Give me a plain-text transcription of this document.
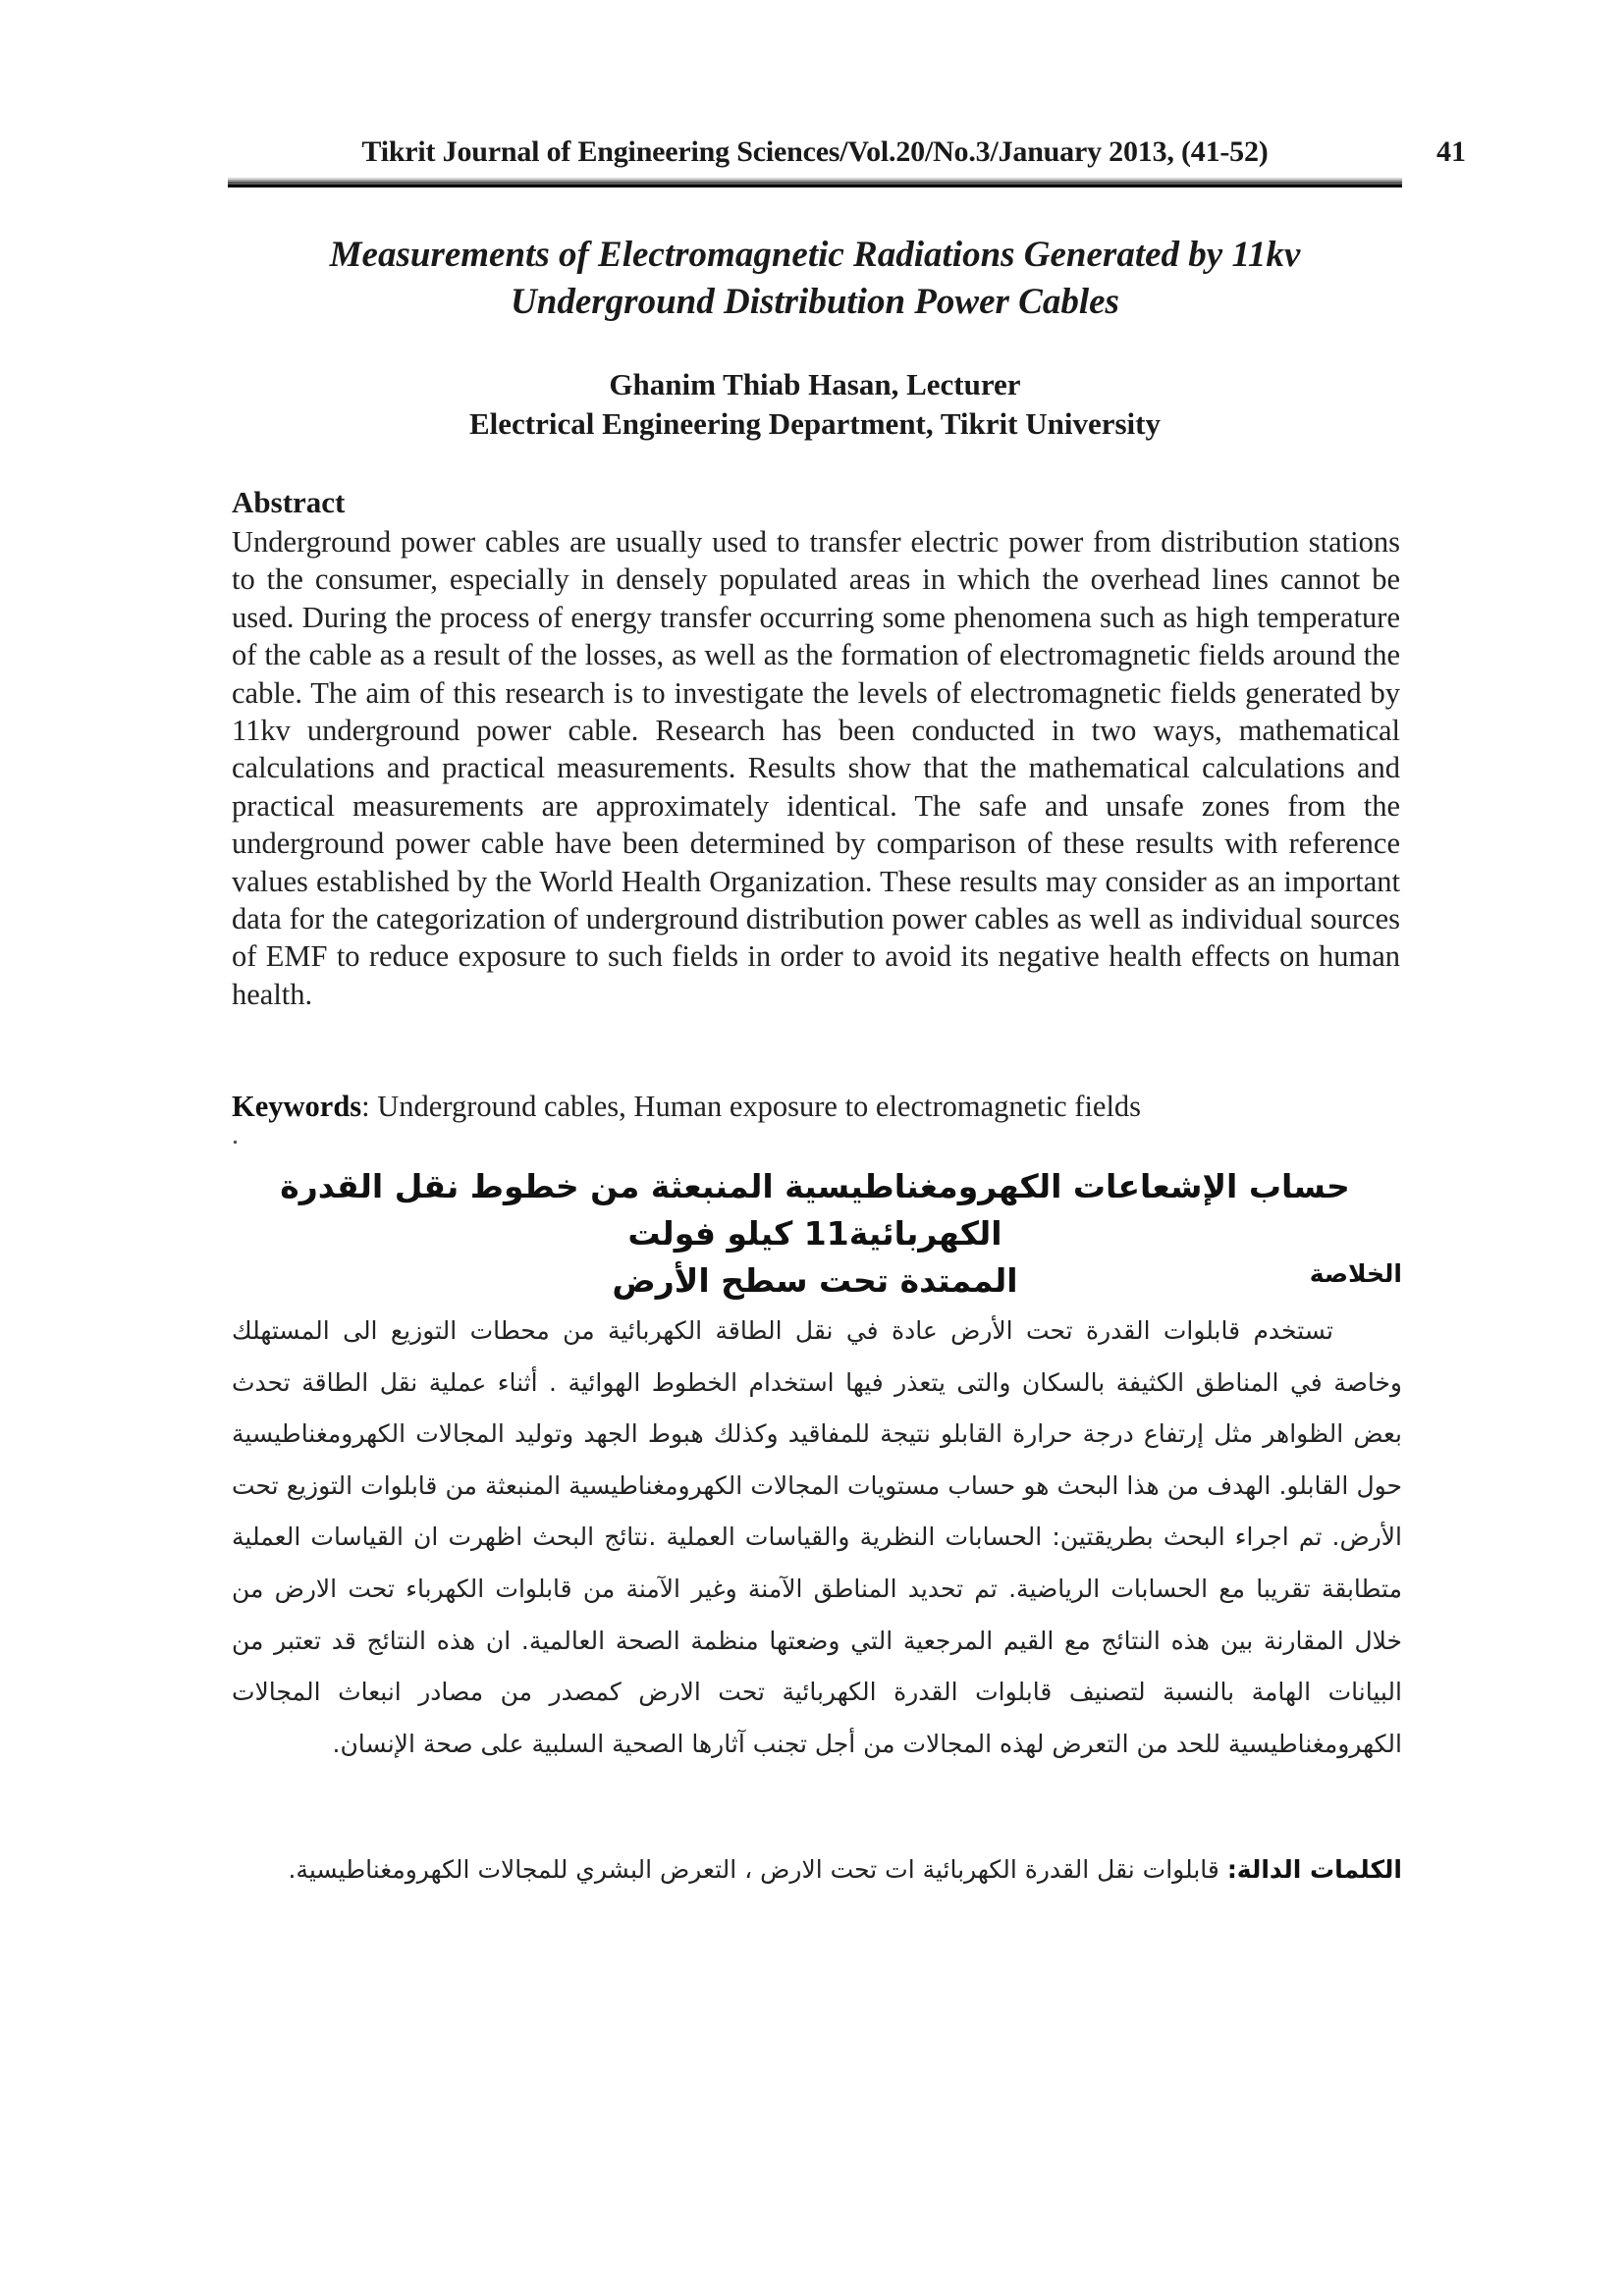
Tikrit Journal of Engineering Sciences/Vol.20/No.3/January 2013, (41-52)	41
Measurements of Electromagnetic Radiations Generated by 11kv
Underground Distribution Power Cables
Ghanim Thiab Hasan, Lecturer
Electrical Engineering Department, Tikrit University
Abstract
Underground power cables are usually used to transfer electric power from distribution stations to the consumer, especially in densely populated areas in which the overhead lines cannot be used. During the process of energy transfer occurring some phenomena such as high temperature of the cable as a result of the losses, as well as the formation of electromagnetic fields around the cable. The aim of this research is to investigate the levels of electromagnetic fields generated by 11kv underground power cable. Research has been conducted in two ways, mathematical calculations and practical measurements. Results show that the mathematical calculations and practical measurements are approximately identical. The safe and unsafe zones from the underground power cable have been determined by comparison of these results with reference values established by the World Health Organization. These results may consider as an important data for the categorization of underground distribution power cables as well as individual sources of EMF to reduce exposure to such fields in order to avoid its negative health effects on human health.
Keywords: Underground cables, Human exposure to electromagnetic fields
حساب الإشعاعات الكهرومغناطيسية المنبعثة من خطوط نقل القدرة الكهربائية11 كيلو فولت
الممتدة تحت سطح الأرض	الخلاصة
تستخدم قابلوات القدرة تحت الأرض عادة في نقل الطاقة الكهربائية من محطات التوزيع الى المستهلك وخاصة في المناطق الكثيفة بالسكان والتى يتعذر فيها استخدام الخطوط الهوائية . أثناء عملية نقل الطاقة تحدث بعض الظواهر مثل إرتفاع درجة حرارة القابلو نتيجة للمفاقيد وكذلك هبوط الجهد وتوليد المجالات الكهرومغناطيسية حول القابلو. الهدف من هذا البحث هو حساب مستويات المجالات الكهرومغناطيسية المنبعثة من قابلوات التوزيع تحت الأرض. تم اجراء البحث بطريقتين: الحسابات النظرية والقياسات العملية .نتائج البحث اظهرت ان القياسات العملية متطابقة تقريبا مع الحسابات الرياضية. تم تحديد المناطق الآمنة وغير الآمنة من قابلوات الكهرباء تحت الارض من خلال المقارنة بين هذه النتائج مع القيم المرجعية التي وضعتها منظمة الصحة العالمية. ان هذه النتائج قد تعتبر من البيانات الهامة بالنسبة لتصنيف قابلوات القدرة الكهربائية تحت الارض كمصدر من مصادر انبعاث المجالات الكهرومغناطيسية للحد من التعرض لهذه المجالات من أجل تجنب آثارها الصحية السلبية على صحة الإنسان.
الكلمات الدالة: قابلوات نقل القدرة الكهربائية ات تحت الارض ، التعرض البشري للمجالات الكهرومغناطيسية.
